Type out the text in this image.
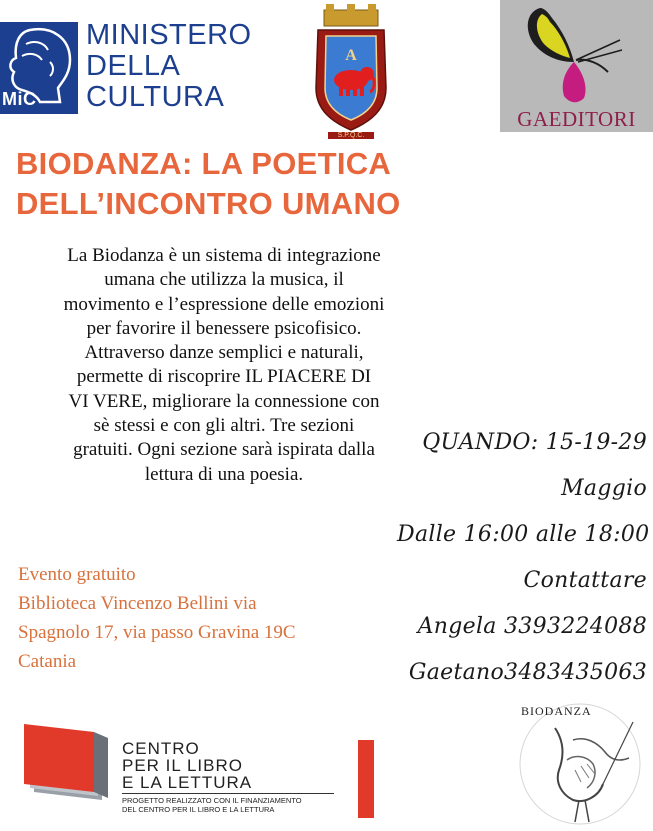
MiC
MINISTERO
DELLA
CULTURA
A
S.P.Q.C.
GAEDITORI
BIODANZA: LA POETICA
DELL’INCONTRO UMANO
La Biodanza è un sistema di integrazione
umana che utilizza la musica, il
movimento e l’espressione delle emozioni
per favorire il benessere psicofisico.
Attraverso danze semplici e naturali,
permette di riscoprire IL PIACERE DI
VI VERE, migliorare la connessione con
sè stessi e con gli altri. Tre sezioni
gratuiti. Ogni sezione sarà ispirata dalla
lettura di una poesia.
Evento gratuito
Biblioteca Vincenzo Bellini via
Spagnolo 17, via passo Gravina 19C
Catania
QUANDO: 15-19-29
Maggio
Dalle 16:00 alle 18:00
Contattare
Angela 3393224088
Gaetano3483435063
CENTRO
PER IL LIBRO
E LA LETTURA
PROGETTO REALIZZATO CON IL FINANZIAMENTO
DEL CENTRO PER IL LIBRO E LA LETTURA
BIODANZA
